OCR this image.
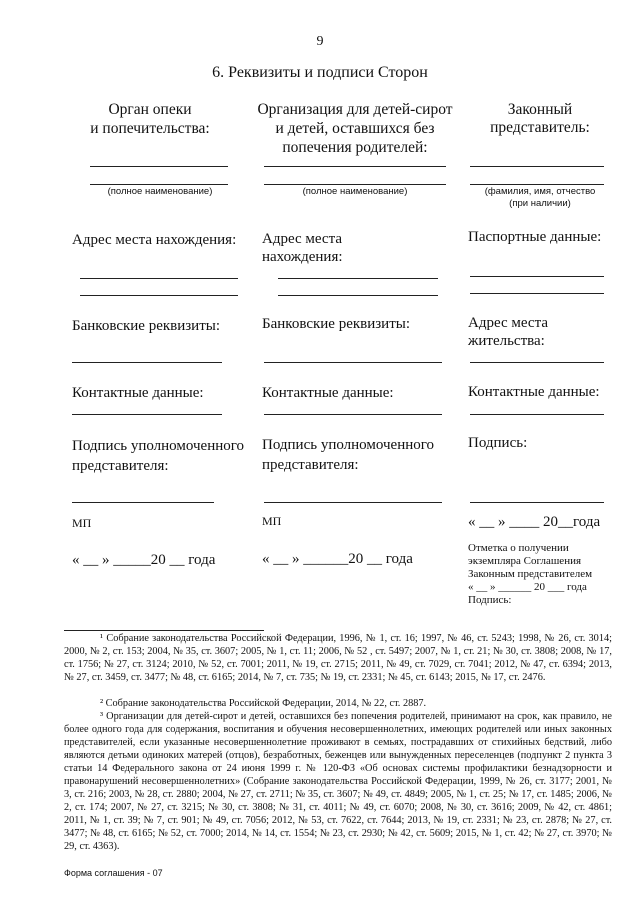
9
6. Реквизиты и подписи Сторон
Орган опеки
и попечительства:
(полное наименование)
Адрес места нахождения:
Банковские реквизиты:
Контактные данные:
Подпись уполномоченного
представителя:
МП
« __ » _____20 __ года
Организация для детей-сирот
и детей, оставшихся без
попечения родителей:
(полное наименование)
Адрес места
нахождения:
Банковские реквизиты:
Контактные данные:
Подпись уполномоченного
представителя:
МП
« __ » ______20 __ года
Законный
представитель:
(фамилия, имя, отчество
(при наличии)
Паспортные данные:
Адрес места
жительства:
Контактные данные:
Подпись:
« __ » ____ 20__года
Отметка о получении
экземпляра Соглашения
Законным представителем
« __ » ______ 20 ___ года
Подпись:
¹ Собрание законодательства Российской Федерации, 1996, № 1, ст. 16; 1997, № 46, ст. 5243; 1998, № 26, ст. 3014; 2000, № 2, ст. 153; 2004, № 35, ст. 3607; 2005, № 1, ст. 11; 2006, № 52 , ст. 5497; 2007, № 1, ст. 21; № 30, ст. 3808; 2008, № 17, ст. 1756; № 27, ст. 3124; 2010, № 52, ст. 7001; 2011, № 19, ст. 2715; 2011, № 49, ст. 7029, ст. 7041; 2012, № 47, ст. 6394; 2013, № 27, ст. 3459, ст. 3477; № 48, ст. 6165; 2014, № 7, ст. 735; № 19, ст. 2331; № 45, ст. 6143; 2015, № 17, ст. 2476.
² Собрание законодательства Российской Федерации, 2014, № 22, ст. 2887.
³ Организации для детей-сирот и детей, оставшихся без попечения родителей, принимают на срок, как правило, не более одного года для содержания, воспитания и обучения несовершеннолетних, имеющих родителей или иных законных представителей, если указанные несовершеннолетние проживают в семьях, пострадавших от стихийных бедствий, либо являются детьми одиноких матерей (отцов), безработных, беженцев или вынужденных переселенцев (подпункт 2 пункта 3 статьи 14 Федерального закона от 24 июня 1999 г. № 120-ФЗ «Об основах системы профилактики безнадзорности и правонарушений несовершеннолетних» (Собрание законодательства Российской Федерации, 1999, № 26, ст. 3177; 2001, № 3, ст. 216; 2003, № 28, ст. 2880; 2004, № 27, ст. 2711; № 35, ст. 3607; № 49, ст. 4849; 2005, № 1, ст. 25; № 17, ст. 1485; 2006, № 2, ст. 174; 2007, № 27, ст. 3215; № 30, ст. 3808; № 31, ст. 4011; № 49, ст. 6070; 2008, № 30, ст. 3616; 2009, № 42, ст. 4861; 2011, № 1, ст. 39; № 7, ст. 901; № 49, ст. 7056; 2012, № 53, ст. 7622, ст. 7644; 2013, № 19, ст. 2331; № 23, ст. 2878; № 27, ст. 3477; № 48, ст. 6165; № 52, ст. 7000; 2014, № 14, ст. 1554; № 23, ст. 2930; № 42, ст. 5609; 2015, № 1, ст. 42; № 27, ст. 3970; № 29, ст. 4363).
Форма соглашения - 07
